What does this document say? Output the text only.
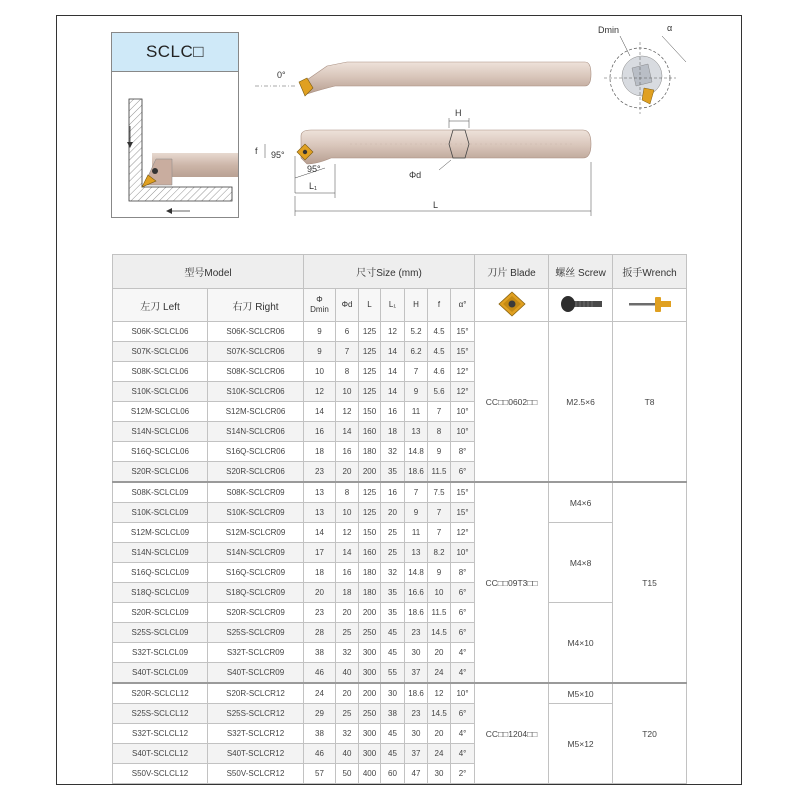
SCLC□
0°
H
Φd
f 95°
95°
L₁
L
Dmin	α
型号Model		尺寸Size (mm)							刀片 Blade	螺丝 Screw	扳手Wrench
左刀 Left	右刀 Right	Φ
Dmin	Φd	L	L₁	H	f	α°			
S06K-SCLCL06	S06K-SCLCR06	9	6	125	12	5.2	4.5	15°	CC□□0602□□	M2.5×6	T8
S07K-SCLCL06	S07K-SCLCR06	9	7	125	14	6.2	4.5	15°			
S08K-SCLCL06	S08K-SCLCR06	10	8	125	14	7	4.6	12°			
S10K-SCLCL06	S10K-SCLCR06	12	10	125	14	9	5.6	12°			
S12M-SCLCL06	S12M-SCLCR06	14	12	150	16	11	7	10°			
S14N-SCLCL06	S14N-SCLCR06	16	14	160	18	13	8	10°			
S16Q-SCLCL06	S16Q-SCLCR06	18	16	180	32	14.8	9	8°			
S20R-SCLCL06	S20R-SCLCR06	23	20	200	35	18.6	11.5	6°			
S08K-SCLCL09	S08K-SCLCR09	13	8	125	16	7	7.5	15°	CC□□09T3□□	M4×6	T15
S10K-SCLCL09	S10K-SCLCR09	13	10	125	20	9	7	15°			
S12M-SCLCL09	S12M-SCLCR09	14	12	150	25	11	7	12°		M4×8	
S14N-SCLCL09	S14N-SCLCR09	17	14	160	25	13	8.2	10°			
S16Q-SCLCL09	S16Q-SCLCR09	18	16	180	32	14.8	9	8°			
S18Q-SCLCL09	S18Q-SCLCR09	20	18	180	35	16.6	10	6°			
S20R-SCLCL09	S20R-SCLCR09	23	20	200	35	18.6	11.5	6°		M4×10	
S25S-SCLCL09	S25S-SCLCR09	28	25	250	45	23	14.5	6°			
S32T-SCLCL09	S32T-SCLCR09	38	32	300	45	30	20	4°			
S40T-SCLCL09	S40T-SCLCR09	46	40	300	55	37	24	4°			
S20R-SCLCL12	S20R-SCLCR12	24	20	200	30	18.6	12	10°	CC□□1204□□	M5×10	T20
S25S-SCLCL12	S25S-SCLCR12	29	25	250	38	23	14.5	6°		M5×12	
S32T-SCLCL12	S32T-SCLCR12	38	32	300	45	30	20	4°			
S40T-SCLCL12	S40T-SCLCR12	46	40	300	45	37	24	4°			
S50V-SCLCL12	S50V-SCLCR12	57	50	400	60	47	30	2°			
